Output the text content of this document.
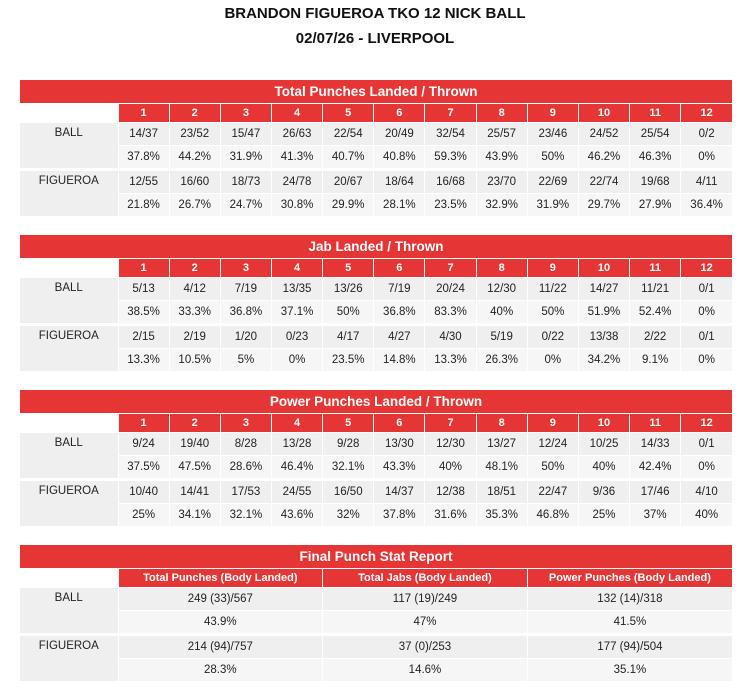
BRANDON FIGUEROA TKO 12 NICK BALL
02/07/26 - LIVERPOOL
Total Punches Landed / Thrown												
	1	2	3	4	5	6	7	8	9	10	11	12
BALL	14/37	23/52	15/47	26/63	22/54	20/49	32/54	25/57	23/46	24/52	25/54	0/2
	37.8%	44.2%	31.9%	41.3%	40.7%	40.8%	59.3%	43.9%	50%	46.2%	46.3%	0%
FIGUEROA	12/55	16/60	18/73	24/78	20/67	18/64	16/68	23/70	22/69	22/74	19/68	4/11
	21.8%	26.7%	24.7%	30.8%	29.9%	28.1%	23.5%	32.9%	31.9%	29.7%	27.9%	36.4%
Jab Landed / Thrown												
	1	2	3	4	5	6	7	8	9	10	11	12
BALL	5/13	4/12	7/19	13/35	13/26	7/19	20/24	12/30	11/22	14/27	11/21	0/1
	38.5%	33.3%	36.8%	37.1%	50%	36.8%	83.3%	40%	50%	51.9%	52.4%	0%
FIGUEROA	2/15	2/19	1/20	0/23	4/17	4/27	4/30	5/19	0/22	13/38	2/22	0/1
	13.3%	10.5%	5%	0%	23.5%	14.8%	13.3%	26.3%	0%	34.2%	9.1%	0%
Power Punches Landed / Thrown												
	1	2	3	4	5	6	7	8	9	10	11	12
BALL	9/24	19/40	8/28	13/28	9/28	13/30	12/30	13/27	12/24	10/25	14/33	0/1
	37.5%	47.5%	28.6%	46.4%	32.1%	43.3%	40%	48.1%	50%	40%	42.4%	0%
FIGUEROA	10/40	14/41	17/53	24/55	16/50	14/37	12/38	18/51	22/47	9/36	17/46	4/10
	25%	34.1%	32.1%	43.6%	32%	37.8%	31.6%	35.3%	46.8%	25%	37%	40%
Final Punch Stat Report			
	Total Punches (Body Landed)	Total Jabs (Body Landed)	Power Punches (Body Landed)
BALL	249 (33)/567	117 (19)/249	132 (14)/318
	43.9%	47%	41.5%
FIGUEROA	214 (94)/757	37 (0)/253	177 (94)/504
	28.3%	14.6%	35.1%
